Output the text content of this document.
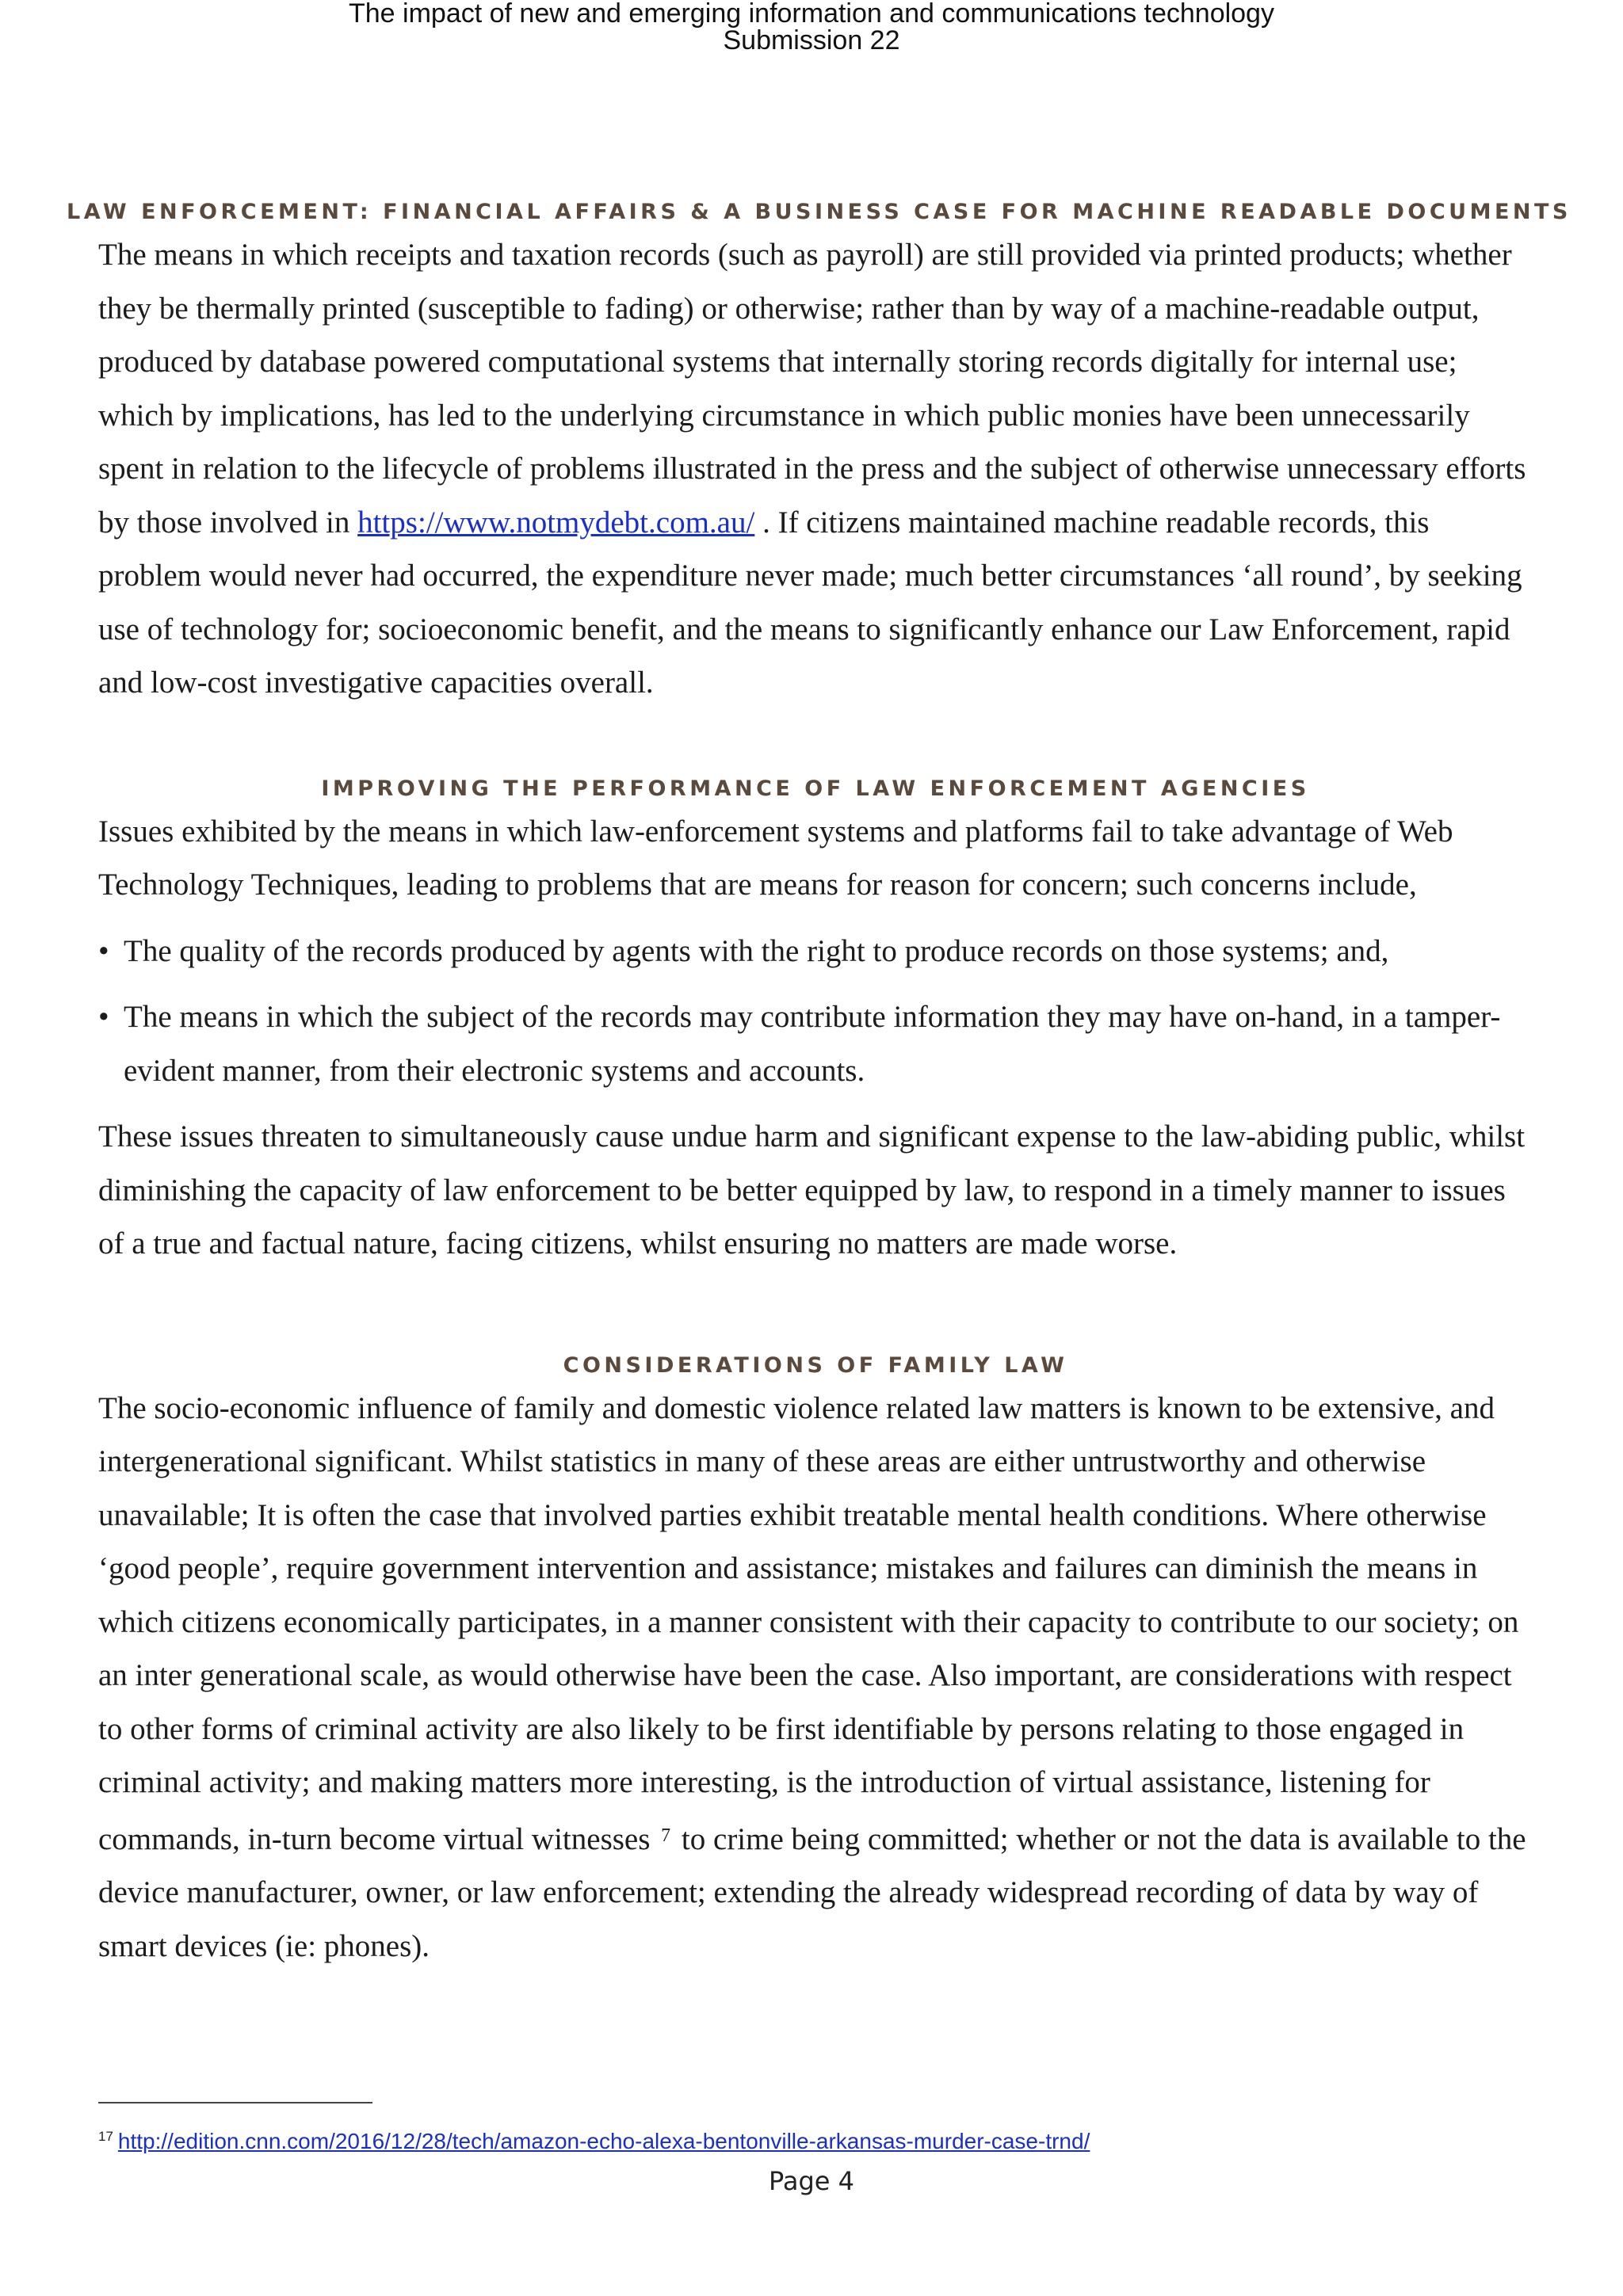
The impact of new and emerging information and communications technology
Submission 22
LAW ENFORCEMENT: FINANCIAL AFFAIRS & A BUSINESS CASE FOR MACHINE READABLE DOCUMENTS

The means in which receipts and taxation records (such as payroll) are still provided via printed products; whether they be thermally printed (susceptible to fading) or otherwise; rather than by way of a machine-readable output, produced by database powered computational systems that internally storing records digitally for internal use; which by implications, has led to the underlying circumstance in which public monies have been unnecessarily spent in relation to the lifecycle of problems illustrated in the press and the subject of otherwise unnecessary efforts by those involved in https://www.notmydebt.com.au/ . If citizens maintained machine readable records, this problem would never had occurred, the expenditure never made; much better circumstances ‘all round’, by seeking use of technology for; socioeconomic benefit, and the means to significantly enhance our Law Enforcement, rapid and low-cost investigative capacities overall.

IMPROVING THE PERFORMANCE OF LAW ENFORCEMENT AGENCIES

Issues exhibited by the means in which law-enforcement systems and platforms fail to take advantage of Web Technology Techniques, leading to problems that are means for reason for concern; such concerns include,

• The quality of the records produced by agents with the right to produce records on those systems; and,
• The means in which the subject of the records may contribute information they may have on-hand, in a tamper-evident manner, from their electronic systems and accounts.

These issues threaten to simultaneously cause undue harm and significant expense to the law-abiding public, whilst diminishing the capacity of law enforcement to be better equipped by law, to respond in a timely manner to issues of a true and factual nature, facing citizens, whilst ensuring no matters are made worse.

CONSIDERATIONS OF FAMILY LAW

The socio-economic influence of family and domestic violence related law matters is known to be extensive, and intergenerational significant. Whilst statistics in many of these areas are either untrustworthy and otherwise unavailable; It is often the case that involved parties exhibit treatable mental health conditions. Where otherwise ‘good people’, require government intervention and assistance; mistakes and failures can diminish the means in which citizens economically participates, in a manner consistent with their capacity to contribute to our society; on an inter generational scale, as would otherwise have been the case. Also important, are considerations with respect to other forms of criminal activity are also likely to be first identifiable by persons relating to those engaged in criminal activity; and making matters more interesting, is the introduction of virtual assistance, listening for commands, in-turn become virtual witnesses $^7$ to crime being committed; whether or not the data is available to the device manufacturer, owner, or law enforcement; extending the already widespread recording of data by way of smart devices (ie: phones).

$^{17}$ http://edition.cnn.com/2016/12/28/tech/amazon-echo-alexa-bentonville-arkansas-murder-case-trnd/
Page 4
